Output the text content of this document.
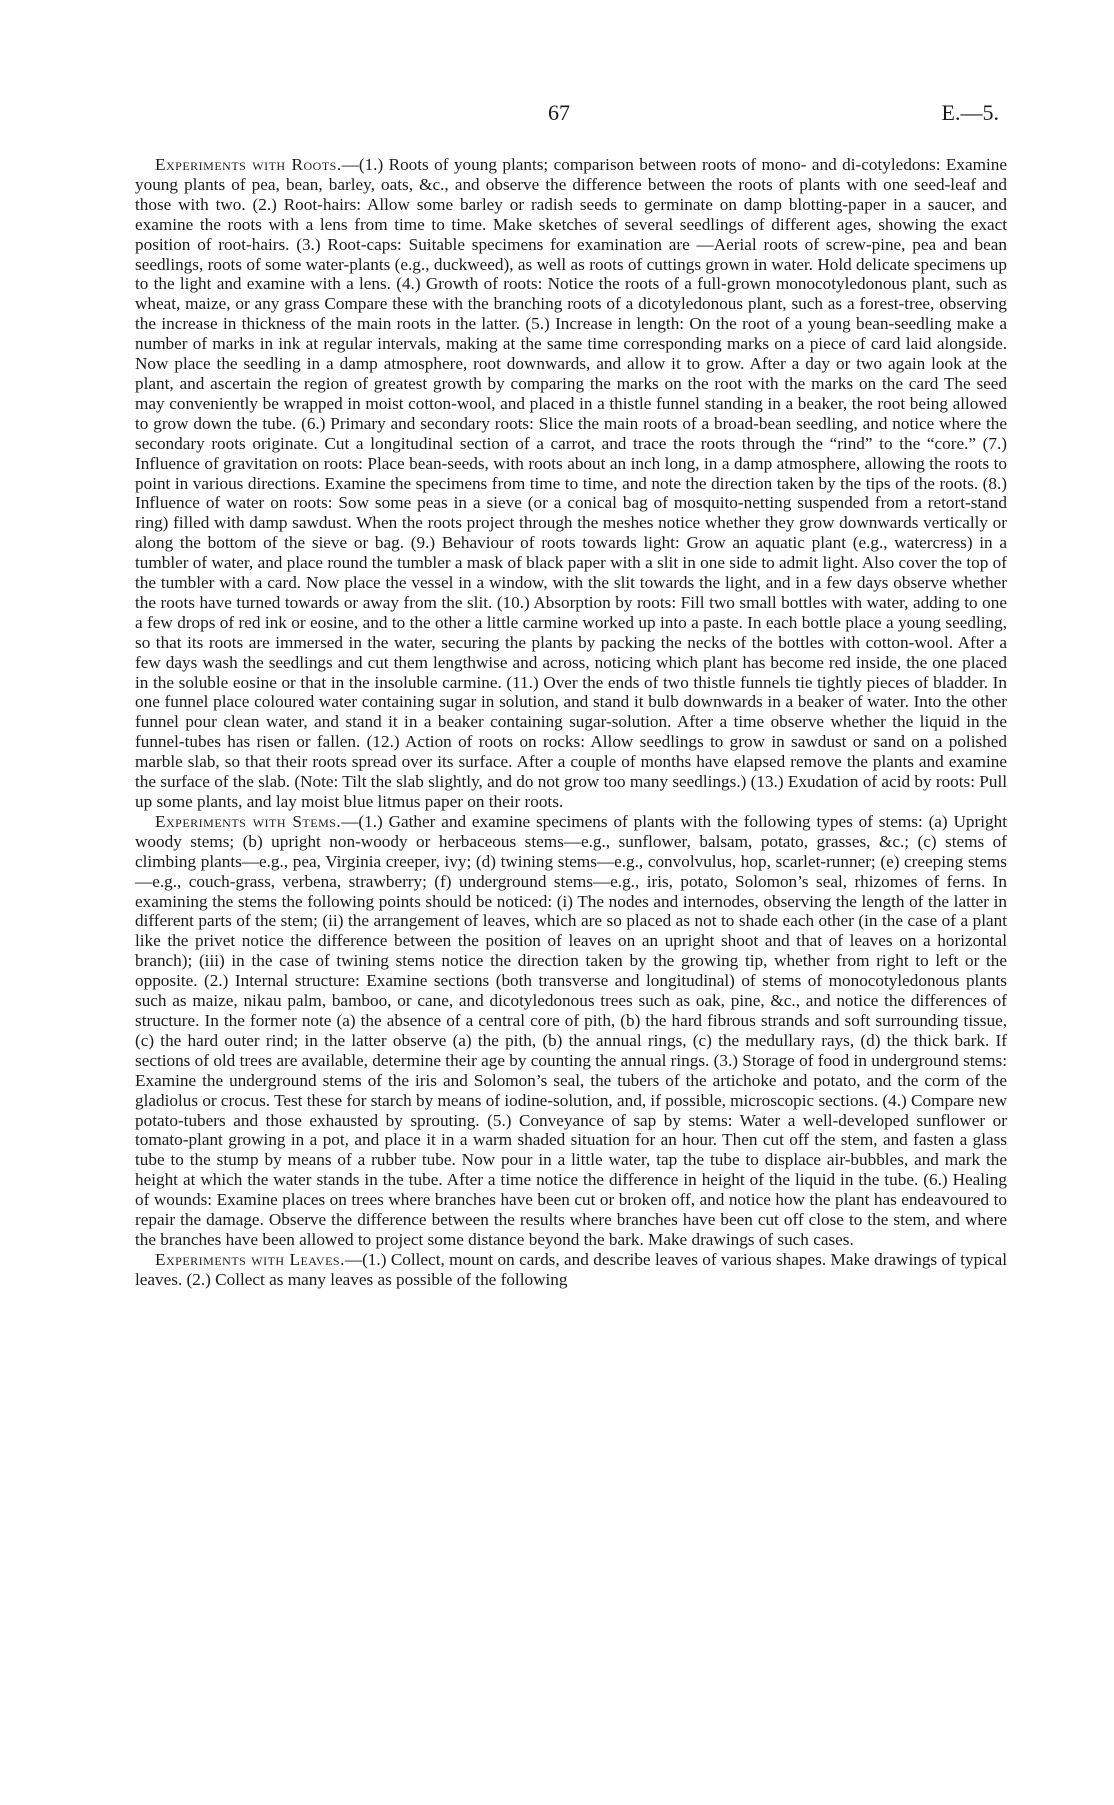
67	E.—5.

Experiments with Roots.—(1.) Roots of young plants; comparison between roots of mono- and di-cotyledons: Examine young plants of pea, bean, barley, oats, &c., and observe the difference between the roots of plants with one seed-leaf and those with two. (2.) Root-hairs: Allow some barley or radish seeds to germinate on damp blotting-paper in a saucer, and examine the roots with a lens from time to time. Make sketches of several seedlings of different ages, showing the exact position of root-hairs. (3.) Root-caps: Suitable specimens for examination are —Aerial roots of screw-pine, pea and bean seedlings, roots of some water-plants (e.g., duckweed), as well as roots of cuttings grown in water. Hold delicate specimens up to the light and examine with a lens. (4.) Growth of roots: Notice the roots of a full-grown monocotyledonous plant, such as wheat, maize, or any grass Compare these with the branching roots of a dicotyledonous plant, such as a forest-tree, observing the increase in thickness of the main roots in the latter. (5.) Increase in length: On the root of a young bean-seedling make a number of marks in ink at regular intervals, making at the same time corresponding marks on a piece of card laid alongside. Now place the seedling in a damp atmosphere, root downwards, and allow it to grow. After a day or two again look at the plant, and ascertain the region of greatest growth by comparing the marks on the root with the marks on the card The seed may conveniently be wrapped in moist cotton-wool, and placed in a thistle funnel standing in a beaker, the root being allowed to grow down the tube. (6.) Primary and secondary roots: Slice the main roots of a broad-bean seedling, and notice where the secondary roots originate. Cut a longitudinal section of a carrot, and trace the roots through the “rind” to the “core.” (7.) Influence of gravitation on roots: Place bean-seeds, with roots about an inch long, in a damp atmosphere, allowing the roots to point in various directions. Examine the specimens from time to time, and note the direction taken by the tips of the roots. (8.) Influence of water on roots: Sow some peas in a sieve (or a conical bag of mosquito-netting suspended from a retort-stand ring) filled with damp sawdust. When the roots project through the meshes notice whether they grow downwards vertically or along the bottom of the sieve or bag. (9.) Behaviour of roots towards light: Grow an aquatic plant (e.g., watercress) in a tumbler of water, and place round the tumbler a mask of black paper with a slit in one side to admit light. Also cover the top of the tumbler with a card. Now place the vessel in a window, with the slit towards the light, and in a few days observe whether the roots have turned towards or away from the slit. (10.) Absorption by roots: Fill two small bottles with water, adding to one a few drops of red ink or eosine, and to the other a little carmine worked up into a paste. In each bottle place a young seedling, so that its roots are immersed in the water, securing the plants by packing the necks of the bottles with cotton-wool. After a few days wash the seedlings and cut them lengthwise and across, noticing which plant has become red inside, the one placed in the soluble eosine or that in the insoluble carmine. (11.) Over the ends of two thistle funnels tie tightly pieces of bladder. In one funnel place coloured water containing sugar in solution, and stand it bulb downwards in a beaker of water. Into the other funnel pour clean water, and stand it in a beaker containing sugar-solution. After a time observe whether the liquid in the funnel-tubes has risen or fallen. (12.) Action of roots on rocks: Allow seedlings to grow in sawdust or sand on a polished marble slab, so that their roots spread over its surface. After a couple of months have elapsed remove the plants and examine the surface of the slab. (Note: Tilt the slab slightly, and do not grow too many seedlings.) (13.) Exudation of acid by roots: Pull up some plants, and lay moist blue litmus paper on their roots.

Experiments with Stems.—(1.) Gather and examine specimens of plants with the following types of stems: (a) Upright woody stems; (b) upright non-woody or herbaceous stems—e.g., sunflower, balsam, potato, grasses, &c.; (c) stems of climbing plants—e.g., pea, Virginia creeper, ivy; (d) twining stems—e.g., convolvulus, hop, scarlet-runner; (e) creeping stems—e.g., couch-grass, verbena, strawberry; (f) underground stems—e.g., iris, potato, Solomon’s seal, rhizomes of ferns. In examining the stems the following points should be noticed: (i) The nodes and internodes, observing the length of the latter in different parts of the stem; (ii) the arrangement of leaves, which are so placed as not to shade each other (in the case of a plant like the privet notice the difference between the position of leaves on an upright shoot and that of leaves on a horizontal branch); (iii) in the case of twining stems notice the direction taken by the growing tip, whether from right to left or the opposite. (2.) Internal structure: Examine sections (both transverse and longitudinal) of stems of monocotyledonous plants such as maize, nikau palm, bamboo, or cane, and dicotyledonous trees such as oak, pine, &c., and notice the differences of structure. In the former note (a) the absence of a central core of pith, (b) the hard fibrous strands and soft surrounding tissue, (c) the hard outer rind; in the latter observe (a) the pith, (b) the annual rings, (c) the medullary rays, (d) the thick bark. If sections of old trees are available, determine their age by counting the annual rings. (3.) Storage of food in underground stems: Examine the underground stems of the iris and Solomon’s seal, the tubers of the artichoke and potato, and the corm of the gladiolus or crocus. Test these for starch by means of iodine-solution, and, if possible, microscopic sections. (4.) Compare new potato-tubers and those exhausted by sprouting. (5.) Conveyance of sap by stems: Water a well-developed sunflower or tomato-plant growing in a pot, and place it in a warm shaded situation for an hour. Then cut off the stem, and fasten a glass tube to the stump by means of a rubber tube. Now pour in a little water, tap the tube to displace air-bubbles, and mark the height at which the water stands in the tube. After a time notice the difference in height of the liquid in the tube. (6.) Healing of wounds: Examine places on trees where branches have been cut or broken off, and notice how the plant has endeavoured to repair the damage. Observe the difference between the results where branches have been cut off close to the stem, and where the branches have been allowed to project some distance beyond the bark. Make drawings of such cases.

Experiments with Leaves.—(1.) Collect, mount on cards, and describe leaves of various shapes. Make drawings of typical leaves. (2.) Collect as many leaves as possible of the following
